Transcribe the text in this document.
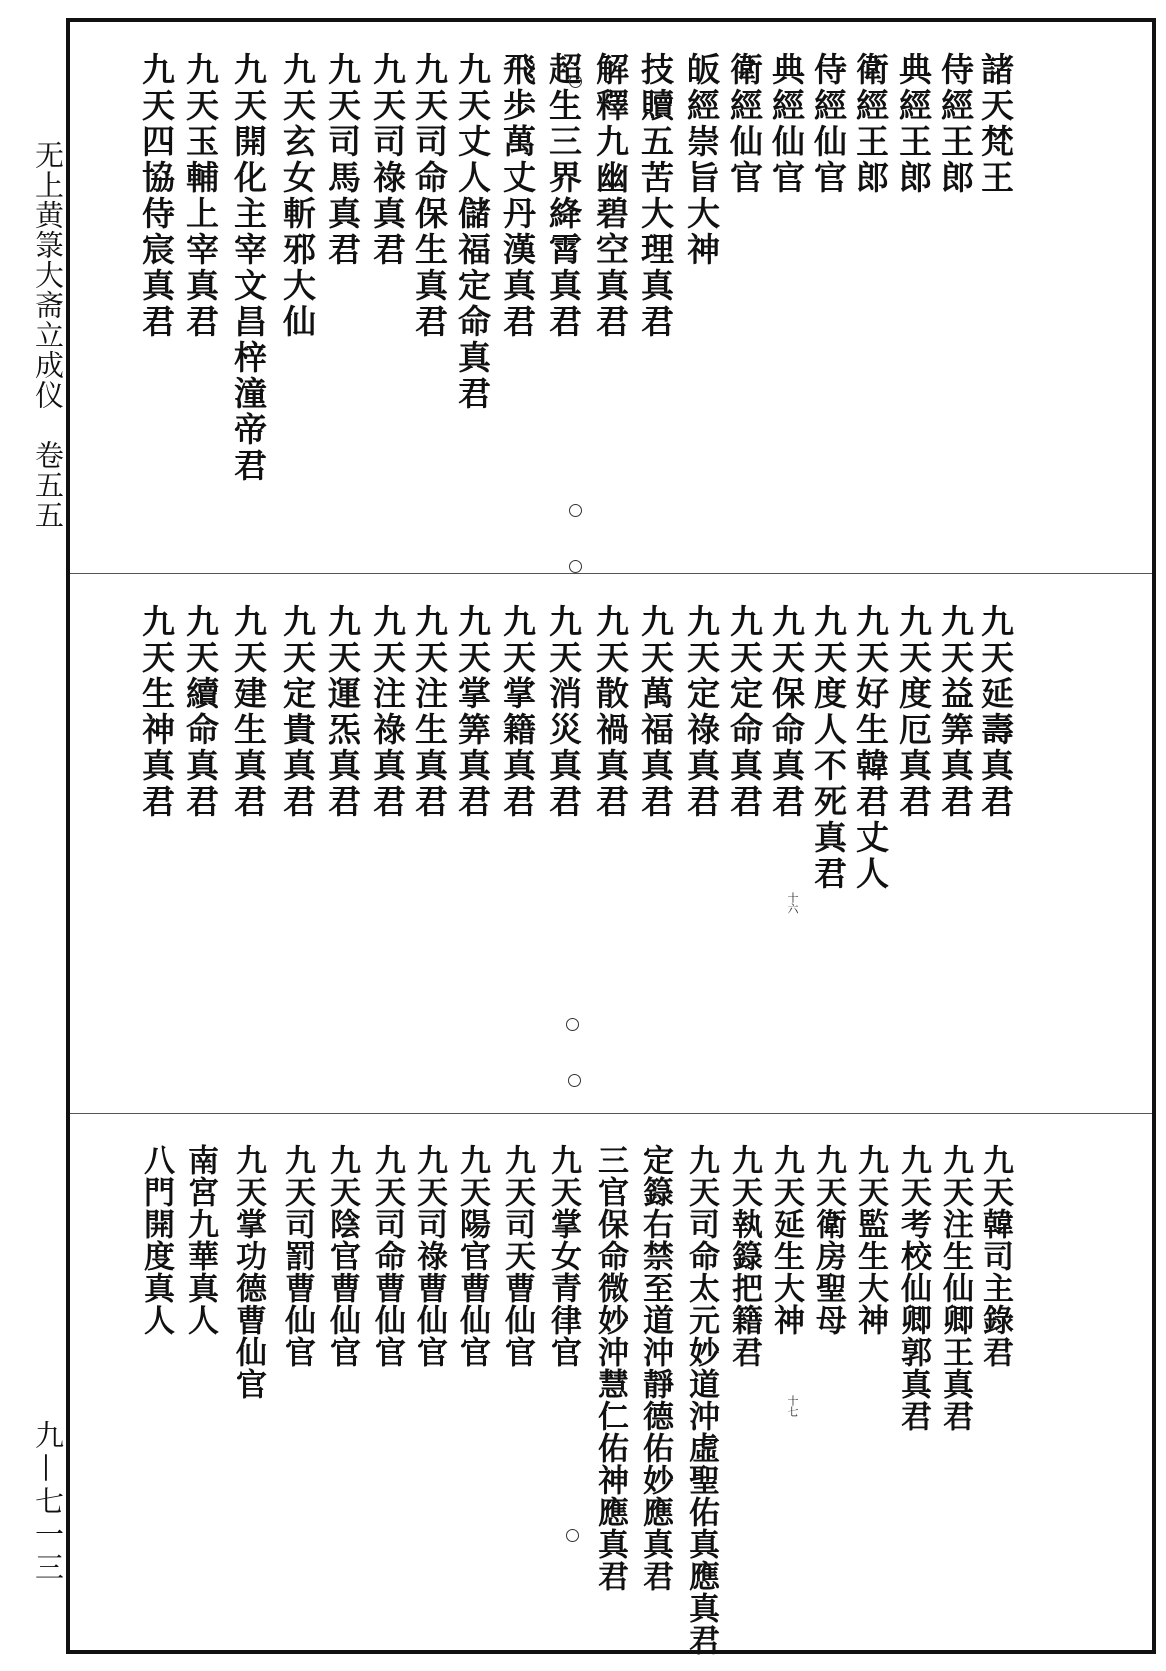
无上黄箓大斋立成仪　卷五五
九—七一三
諸天梵王
侍經王郎
典經王郎
衛經王郎
侍經仙官
典經仙官
衛經仙官
皈經崇旨大神
技贖五苦大理真君
解釋九幽碧空真君
超生三界絳霄真君
飛歩萬丈丹漢真君
九天丈人儲福定命真君
九天司命保生真君
九天司祿真君
九天司馬真君
九天玄女斬邪大仙
九天開化主宰文昌梓潼帝君
九天玉輔上宰真君
九天四協侍宸真君
九天延壽真君
九天益筭真君
九天度厄真君
九天好生韓君丈人
九天度人不死真君
九天保命真君
九天定命真君
九天定祿真君
九天萬福真君
九天散禍真君
九天消災真君
九天掌籍真君
九天掌筭真君
九天注生真君
九天注祿真君
九天運炁真君
九天定貴真君
九天建生真君
九天續命真君
九天生神真君
九天韓司主錄君
九天注生仙卿王真君
九天考校仙卿郭真君
九天監生大神
九天衛房聖母
九天延生大神
九天執籙把籍君
九天司命太元妙道沖虛聖佑真應真君
定籙右禁至道沖靜德佑妙應真君
三官保命微妙沖慧仁佑神應真君
九天掌女青律官
九天司天曹仙官
九天陽官曹仙官
九天司祿曹仙官
九天司命曹仙官
九天陰官曹仙官
九天司罰曹仙官
九天掌功德曹仙官
南宮九華真人
八門開度真人
十六
十七
